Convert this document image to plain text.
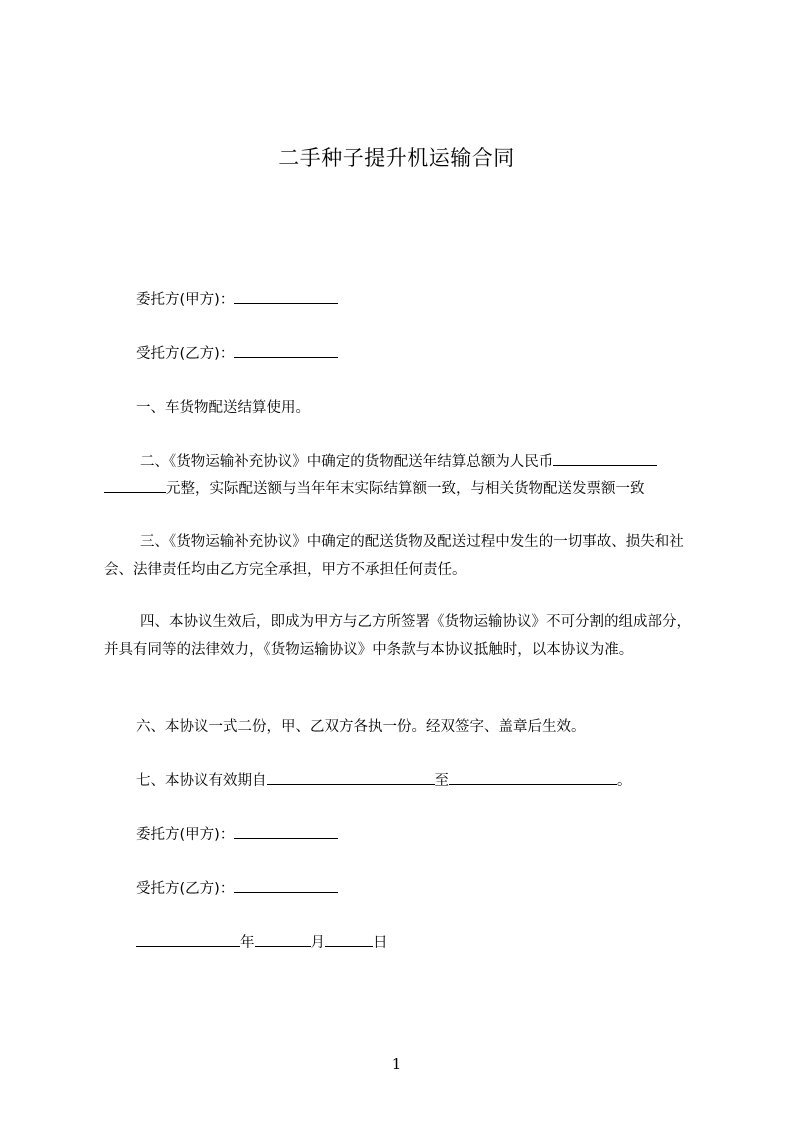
二手种子提升机运输合同
委托方(甲方)：
受托方(乙方)：
一、车货物配送结算使用。
二、《货物运输补充协议》中确定的货物配送年结算总额为人民币
元整，实际配送额与当年年末实际结算额一致，与相关货物配送发票额一致
三、《货物运输补充协议》中确定的配送货物及配送过程中发生的一切事故、损失和社会、法律责任均由乙方完全承担，甲方不承担任何责任。
四、本协议生效后，即成为甲方与乙方所签署《货物运输协议》不可分割的组成部分，并具有同等的法律效力，《货物运输协议》中条款与本协议抵触时，以本协议为准。
六、本协议一式二份，甲、乙双方各执一份。经双签字、盖章后生效。
七、本协议有效期自	至	。
委托方(甲方)：
受托方(乙方)：
年	月	日
1
